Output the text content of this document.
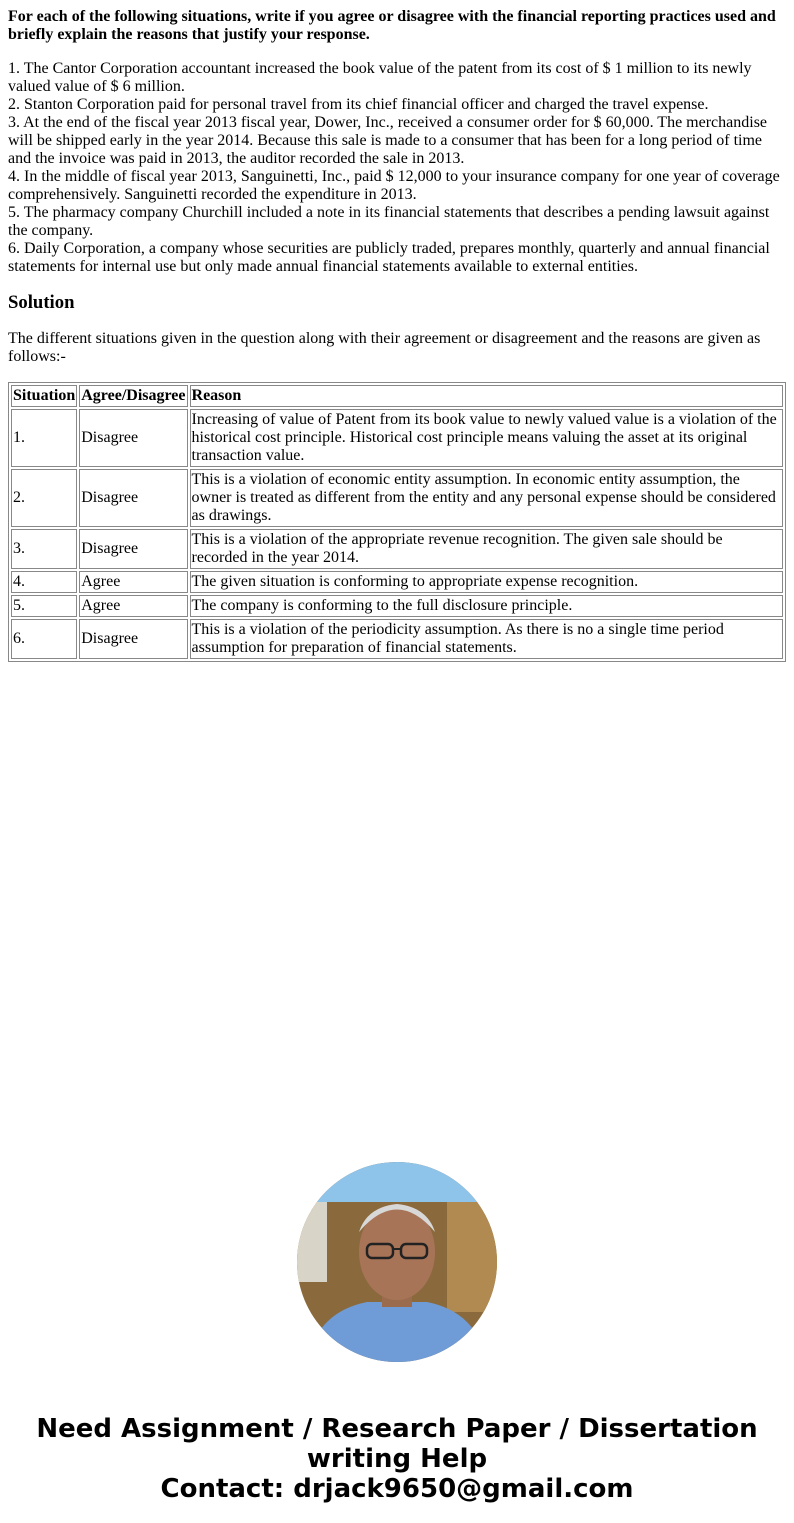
For each of the following situations, write if you agree or disagree with the financial reporting practices used and briefly explain the reasons that justify your response.

1. The Cantor Corporation accountant increased the book value of the patent from its cost of $ 1 million to its newly valued value of $ 6 million.
2. Stanton Corporation paid for personal travel from its chief financial officer and charged the travel expense.
3. At the end of the fiscal year 2013 fiscal year, Dower, Inc., received a consumer order for $ 60,000. The merchandise will be shipped early in the year 2014. Because this sale is made to a consumer that has been for a long period of time and the invoice was paid in 2013, the auditor recorded the sale in 2013.
4. In the middle of fiscal year 2013, Sanguinetti, Inc., paid $ 12,000 to your insurance company for one year of coverage comprehensively. Sanguinetti recorded the expenditure in 2013.
5. The pharmacy company Churchill included a note in its financial statements that describes a pending lawsuit against the company.
6. Daily Corporation, a company whose securities are publicly traded, prepares monthly, quarterly and annual financial statements for internal use but only made annual financial statements available to external entities.

Solution

The different situations given in the question along with their agreement or disagreement and the reasons are given as follows:-

Situation	Agree/Disagree	Reason
1.	Disagree	Increasing of value of Patent from its book value to newly valued value is a violation of the historical cost principle. Historical cost principle means valuing the asset at its original transaction value.
2.	Disagree	This is a violation of economic entity assumption. In economic entity assumption, the owner is treated as different from the entity and any personal expense should be considered as drawings.
3.	Disagree	This is a violation of the appropriate revenue recognition. The given sale should be recorded in the year 2014.
4.	Agree	The given situation is conforming to appropriate expense recognition.
5.	Agree	The company is conforming to the full disclosure principle.
6.	Disagree	This is a violation of the periodicity assumption. As there is no a single time period assumption for preparation of financial statements.
Need Assignment / Research Paper / Dissertation writing Help
Contact: drjack9650@gmail.com
